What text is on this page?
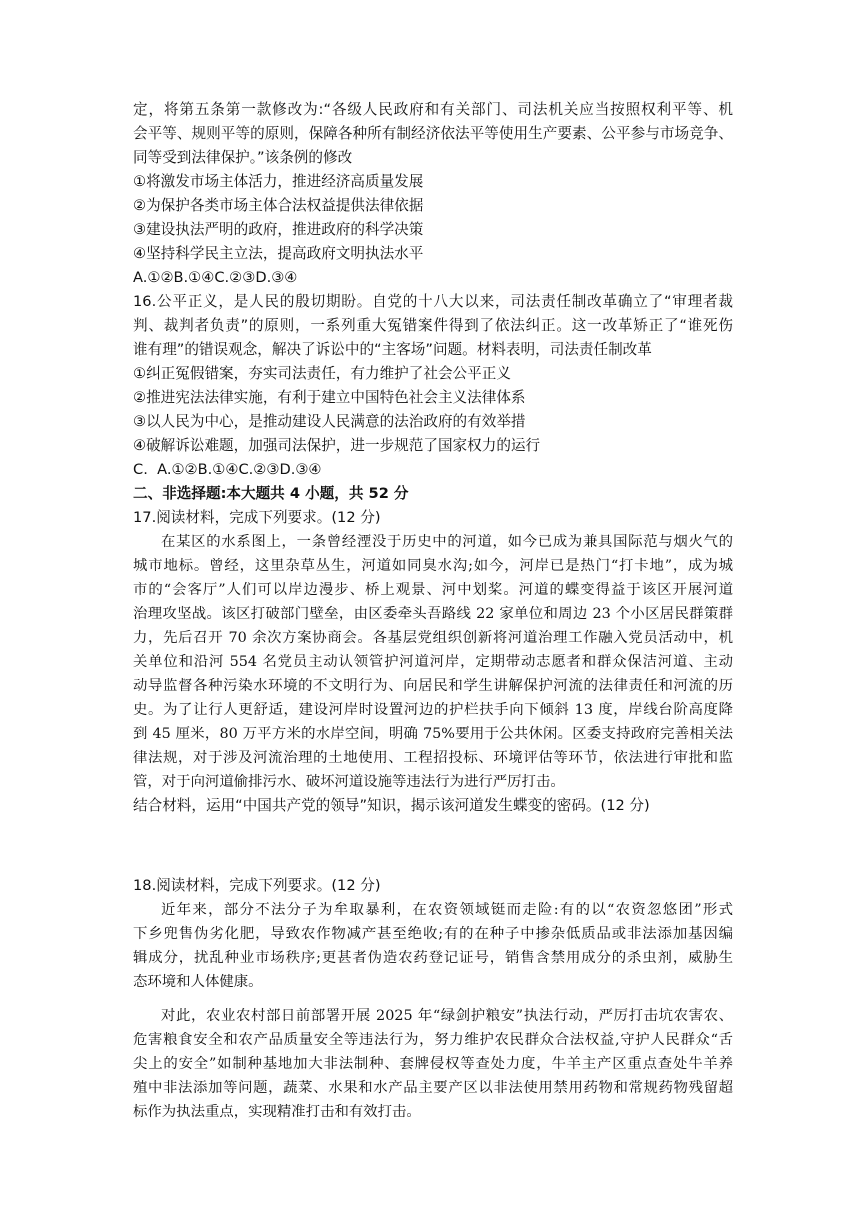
定，将第五条第一款修改为:“各级人民政府和有关部门、司法机关应当按照权利平等、机
会平等、规则平等的原则，保障各种所有制经济依法平等使用生产要素、公平参与市场竞争、
同等受到法律保护。”该条例的修改
①将激发市场主体活力，推进经济高质量发展
②为保护各类市场主体合法权益提供法律依据
③建设执法严明的政府，推进政府的科学决策
④坚持科学民主立法，提高政府文明执法水平
A.①②B.①④C.②③D.③④
16.公平正义，是人民的殷切期盼。自党的十八大以来，司法责任制改革确立了“审理者裁
判、裁判者负责”的原则，一系列重大冤错案件得到了依法纠正。这一改革矫正了“谁死伤
谁有理”的错误观念，解决了诉讼中的“主客场”问题。材料表明，司法责任制改革
①纠正冤假错案，夯实司法责任，有力维护了社会公平正义
②推进宪法法律实施，有利于建立中国特色社会主义法律体系
③以人民为中心，是推动建设人民满意的法治政府的有效举措
④破解诉讼难题，加强司法保护，进一步规范了国家权力的运行
C.  A.①②B.①④C.②③D.③④
二、非选择题:本大题共 4 小题，共 52 分
17.阅读材料，完成下列要求。(12 分)
在某区的水系图上，一条曾经湮没于历史中的河道，如今已成为兼具国际范与烟火气的
城市地标。曾经，这里杂草丛生，河道如同臭水沟;如今，河岸已是热门“打卡地”，成为城
市的“会客厅”人们可以岸边漫步、桥上观景、河中划桨。河道的蝶变得益于该区开展河道
治理攻坚战。该区打破部门壁垒，由区委牵头吾路线 22 家单位和周边 23 个小区居民群策群
力，先后召开 70 余次方案协商会。各基层党组织创新将河道治理工作融入党员活动中，机
关单位和沿河 554 名党员主动认领管护河道河岸，定期带动志愿者和群众保洁河道、主动
动导监督各种污染水环境的不文明行为、向居民和学生讲解保护河流的法律责任和河流的历
史。为了让行人更舒适，建设河岸时设置河边的护栏扶手向下倾斜 13 度，岸线台阶高度降
到 45 厘米，80 万平方米的水岸空间，明确 75%要用于公共休闲。区委支持政府完善相关法
律法规，对于涉及河流治理的土地使用、工程招投标、环境评估等环节，依法进行审批和监
管，对于向河道偷排污水、破坏河道设施等违法行为进行严厉打击。
结合材料，运用“中国共产党的领导”知识，揭示该河道发生蝶变的密码。(12 分)
18.阅读材料，完成下列要求。(12 分)
近年来，部分不法分子为牟取暴利，在农资领域铤而走险:有的以“农资忽悠团”形式
下乡兜售伪劣化肥，导致农作物减产甚至绝收;有的在种子中掺杂低质品或非法添加基因编
辑成分，扰乱种业市场秩序;更甚者伪造农药登记证号，销售含禁用成分的杀虫剂，威胁生
态环境和人体健康。
对此，农业农村部日前部署开展 2025 年“绿剑护粮安”执法行动，严厉打击坑农害农、
危害粮食安全和农产品质量安全等违法行为，努力维护农民群众合法权益,守护人民群众“舌
尖上的安全”如制种基地加大非法制种、套牌侵权等查处力度，牛羊主产区重点查处牛羊养
殖中非法添加等问题，蔬菜、水果和水产品主要产区以非法使用禁用药物和常规药物残留超
标作为执法重点，实现精准打击和有效打击。
